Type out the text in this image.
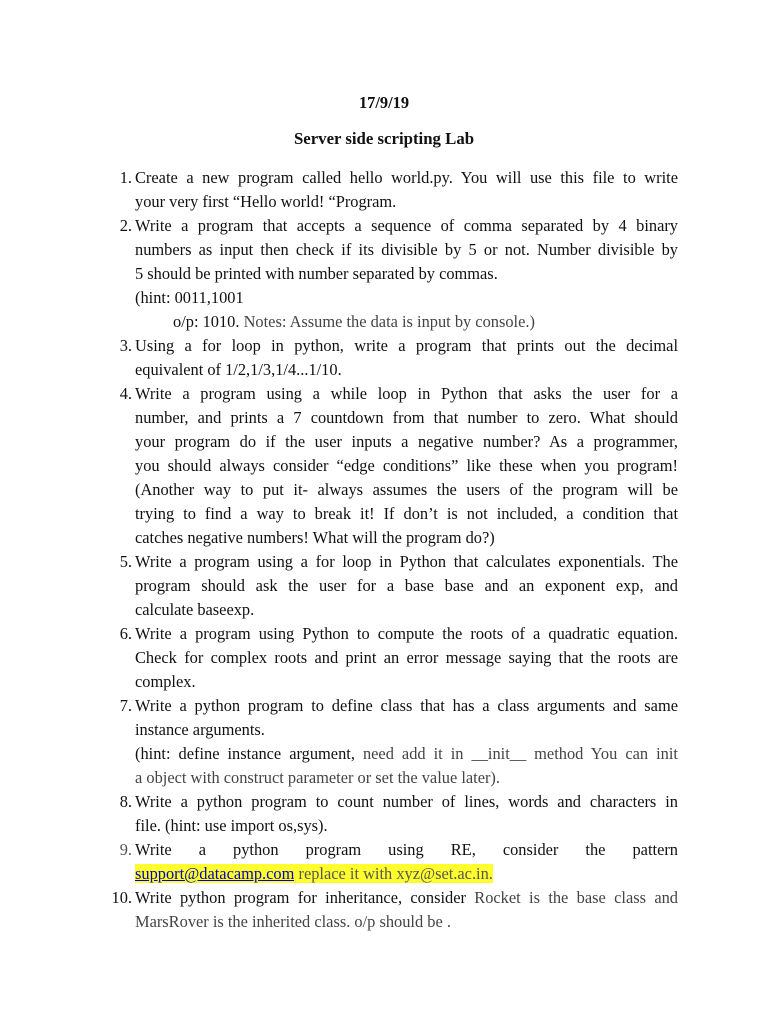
17/9/19
Server side scripting Lab
1. Create a new program called hello world.py. You will use this file to write
your very first “Hello world! “Program.
2. Write a program that accepts a sequence of comma separated by 4 binary
numbers as input then check if its divisible by 5 or not. Number divisible by
5 should be printed with number separated by commas.
(hint: 0011,1001
o/p: 1010. Notes: Assume the data is input by console.)
3. Using a for loop in python, write a program that prints out the decimal
equivalent of 1/2,1/3,1/4...1/10.
4. Write a program using a while loop in Python that asks the user for a
number, and prints a 7 countdown from that number to zero. What should
your program do if the user inputs a negative number? As a programmer,
you should always consider “edge conditions” like these when you program!
(Another way to put it- always assumes the users of the program will be
trying to find a way to break it! If don’t is not included, a condition that
catches negative numbers! What will the program do?)
5. Write a program using a for loop in Python that calculates exponentials. The
program should ask the user for a base base and an exponent exp, and
calculate baseexp.
6. Write a program using Python to compute the roots of a quadratic equation.
Check for complex roots and print an error message saying that the roots are
complex.
7. Write a python program to define class that has a class arguments and same
instance arguments.
(hint: define instance argument, need add it in __init__ method You can init
a object with construct parameter or set the value later).
8. Write a python program to count number of lines, words and characters in
file. (hint: use import os,sys).
9. Write a python program using RE, consider the pattern
support@datacamp.com replace it with xyz@set.ac.in.
10. Write python program for inheritance, consider Rocket is the base class and
MarsRover is the inherited class. o/p should be .
